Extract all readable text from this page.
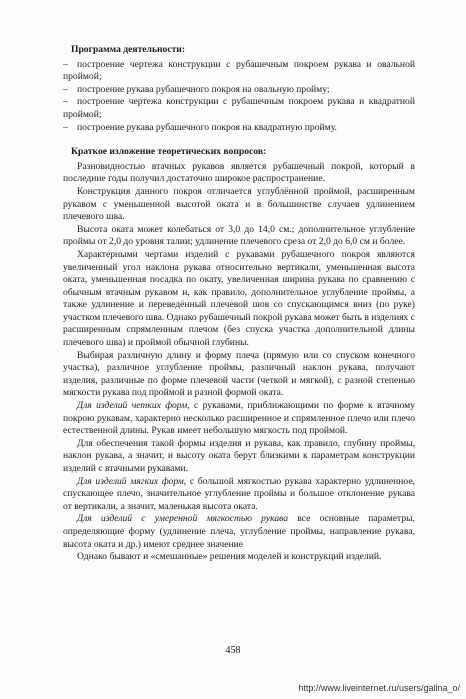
Программа деятельности:

– построение чертежа конструкции с рубашечным покроем рукава и овальной проймой;

– построение рукава рубашечного покроя на овальную пройму;

– построение чертежа конструкции с рубашечным покроем рукава и квадратной проймой;

– построение рукава рубашечного покроя на квадратную пройму.

Краткое изложение теоретических вопросов:

Разновидностью втачных рукавов является рубашечный покрой, который в последние годы получил достаточно широкое распространение.

Конструкция данного покроя отличается углублённой проймой, расширенным рукавом с уменьшенной высотой оката и в большинстве случаев удлинением плечевого шва.

Высота оката может колебаться от 3,0 до 14,0 см.; дополнительное углубление проймы от 2,0 до уровня талии; удлинение плечевого среза от 2,0 до 6,0 см и более.

Характерными чертами изделий с рукавами рубашечного покроя являются увеличенный угол наклона рукава относительно вертикали, уменьшенная высота оката, уменьшенная посадка по окату, увеличенная ширина рукава по сравнению с обычным втачным рукавом и, как правило, дополнительное углубление проймы, а также удлинение и переведённый плечевой шов со спускающимся вниз (по руке) участком плечевого шва. Однако рубашечный покрой рукава может быть в изделиях с расширенным спрямленным плечом (без спуска участка дополнительной длины плечевого шва) и проймой обычной глубины.

Выбирая различную длину и форму плеча (прямую или со спуском конечного участка), различное углубление проймы, различный наклон рукава, получают изделия, различные по форме плечевой части (четкой и мягкой), с разной степенью мягкости рукава под проймой и разной формой оката.

Для изделий четких форм, с рукавами, приближающими по форме к втачному покрою рукавам, характерно несколько расширенное и спрямленное плечо или плечо естественной длины. Рукав имеет небольшую мягкость под проймой.

Для обеспечения такой формы изделия и рукава, как правило, глубину проймы, наклон рукава, а значит, и высоту оката берут близкими к параметрам конструкции изделий с втачными рукавами.

Для изделий мягких форм, с большой мягкостью рукава характерно удлиненное, спускающее плечо, значительное углубление проймы и большое отклонение рукава от вертикали, а значит, маленькая высота оката.

Для изделий с умеренной мягкостью рукава все основные параметры, определяющие форму (удлинение плеча, углубление проймы, направление рукава, высота оката и др.) имеют среднее значение

Однако бывают и «смешанные» решения моделей и конструкций изделий.

458
http://www.liveinternet.ru/users/galina_o/
